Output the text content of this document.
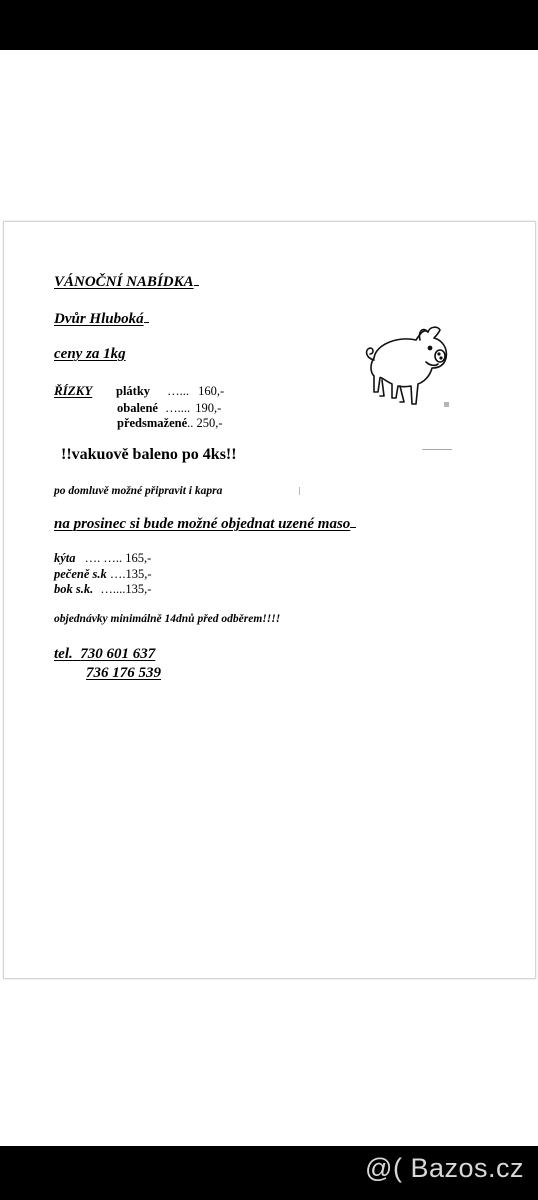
VÁNOČNÍ NABÍDKA
Dvůr Hluboká
ceny za 1kg
ŘÍZKY plátky …... 160,-
obalené ….... 190,-
předsmažené.. 250,-
!!vakuově baleno po 4ks!!
po domluvě možné připravit i kapra
na prosinec si bude možné objednat uzené maso
kýta …. ….. 165,-
pečeně s.k ….135,-
bok s.k. …....135,-
objednávky minimálně 14dnů před odběrem!!!!
tel. 730 601 637
736 176 539
@( Bazos.cz
